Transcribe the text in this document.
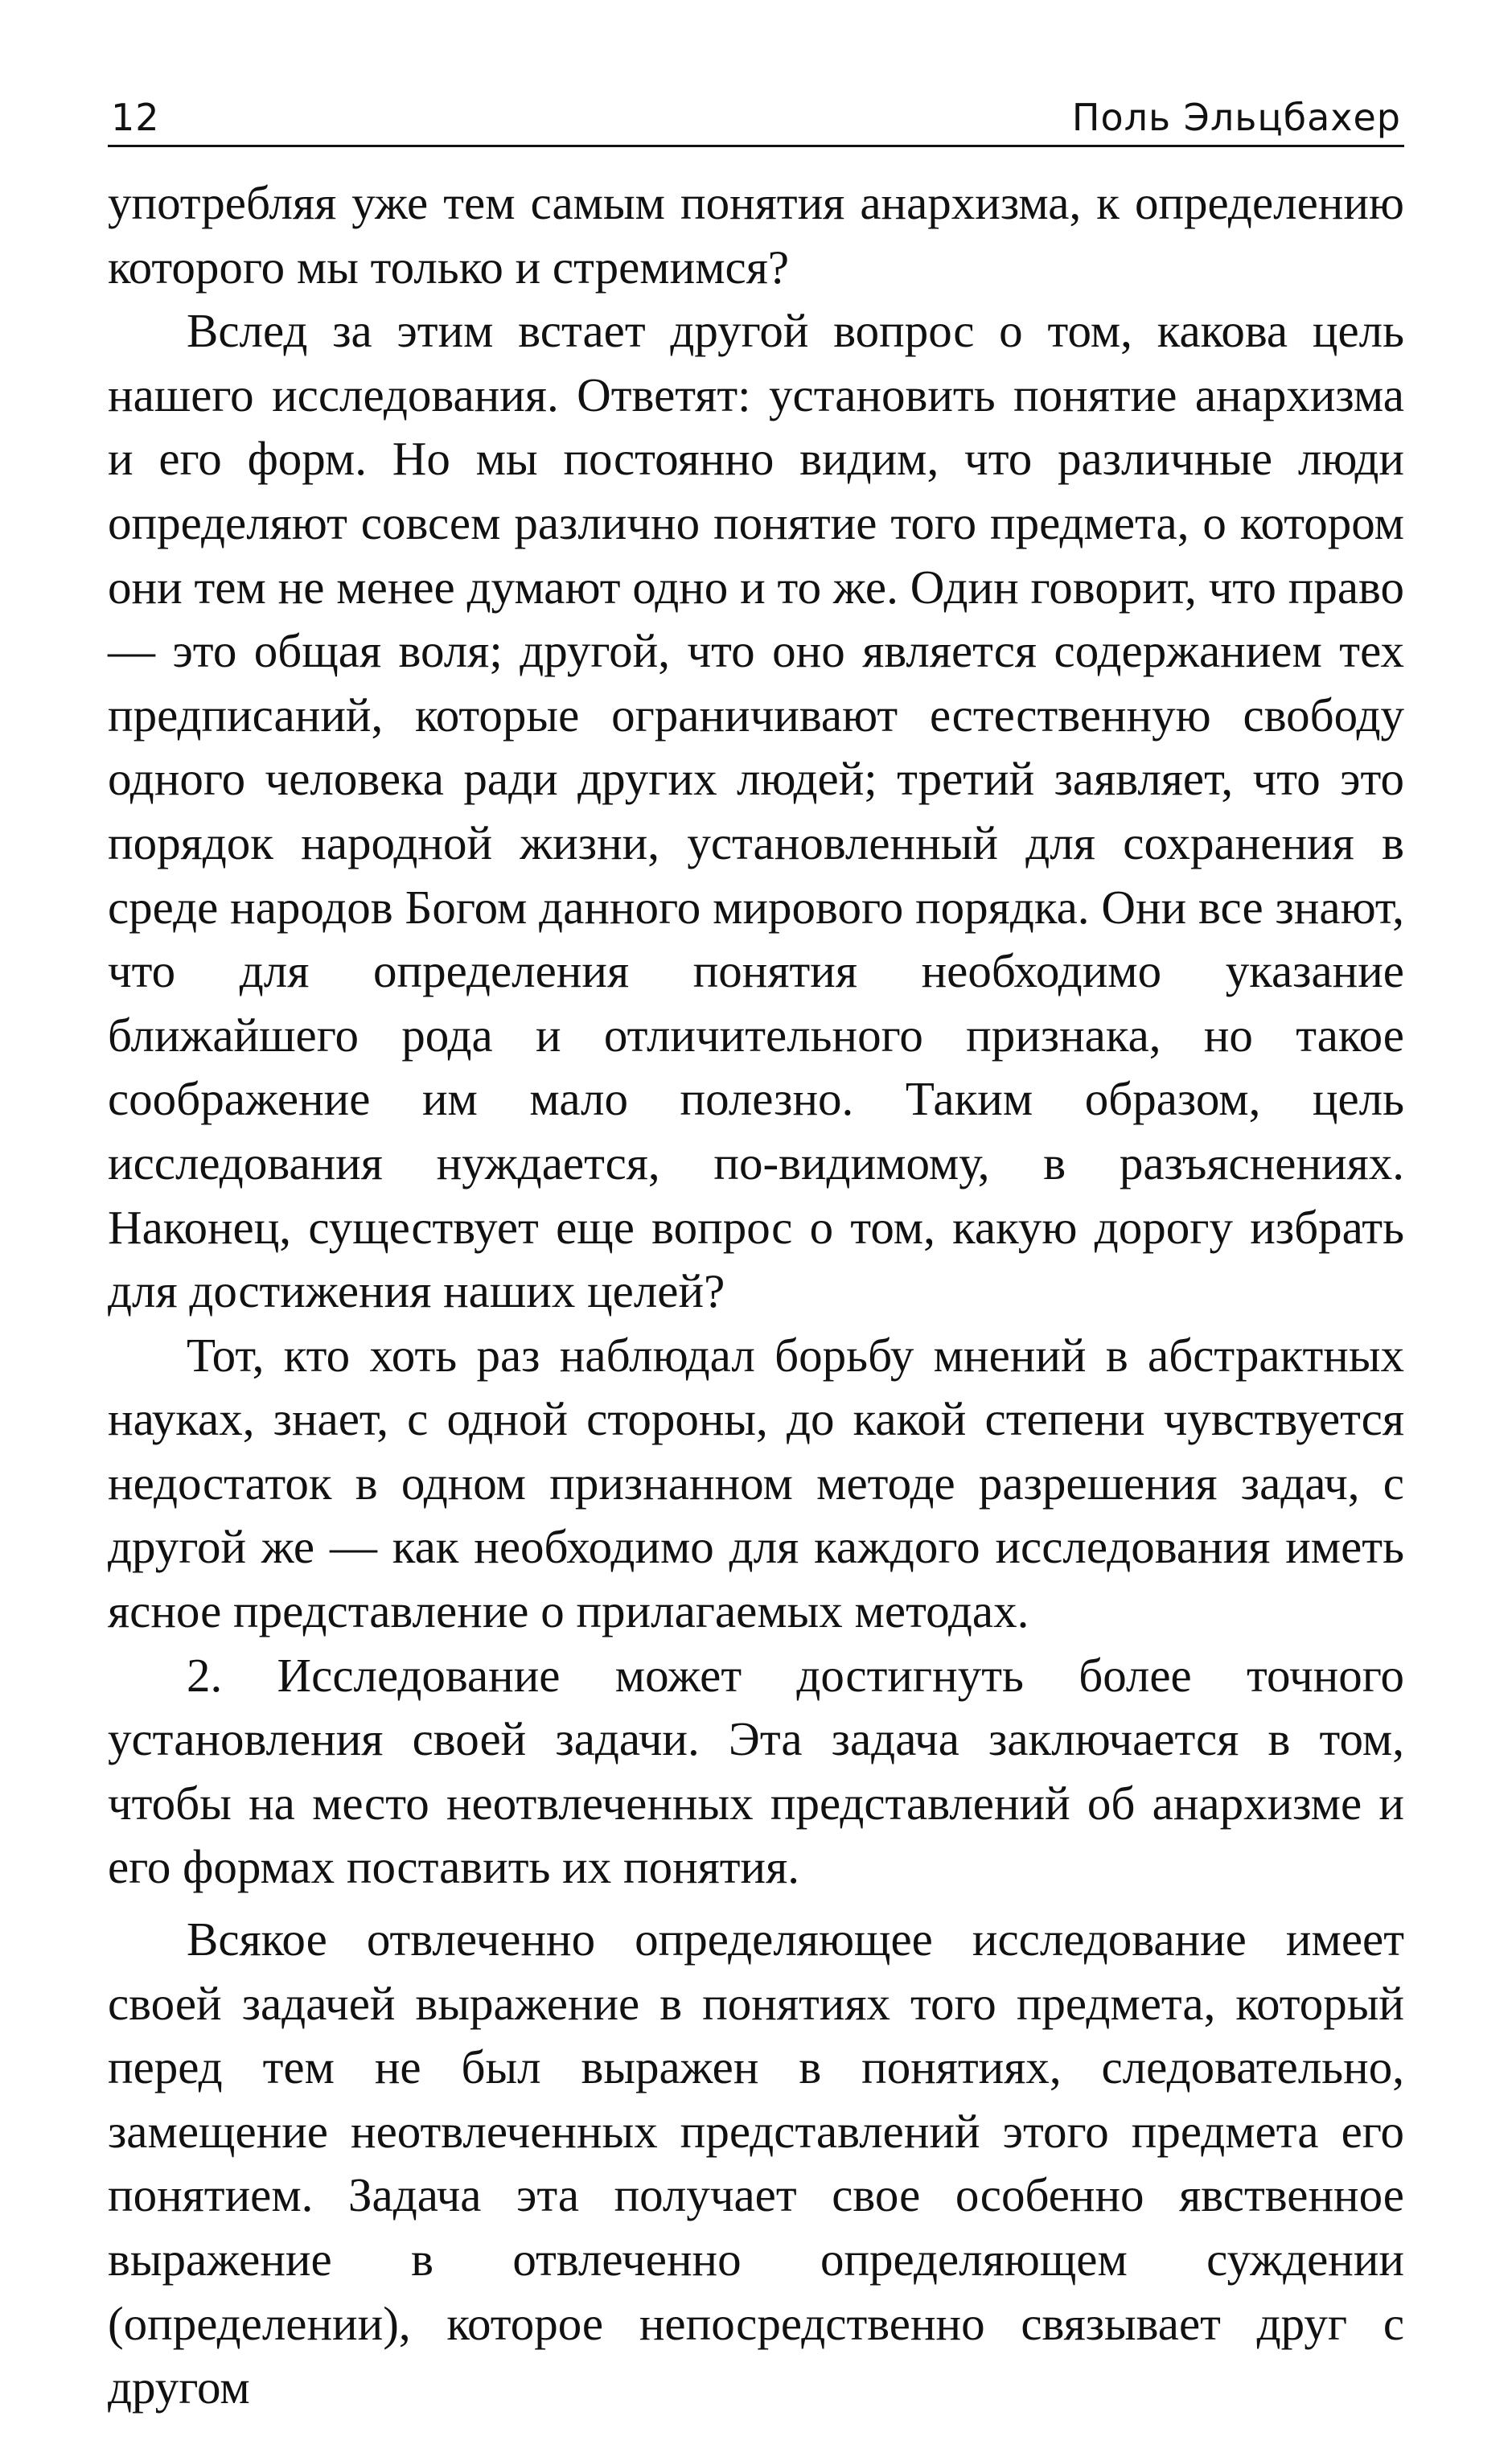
12	Поль Эльцбахер

употребляя уже тем самым понятия анархизма, к определению которого мы только и стремимся?

Вслед за этим встает другой вопрос о том, какова цель нашего исследования. Ответят: установить понятие анархизма и его форм. Но мы постоянно видим, что различные люди определяют совсем различно понятие того предмета, о котором они тем не менее думают одно и то же. Один говорит, что право — это общая воля; другой, что оно является содержанием тех предписаний, которые ограничивают естественную свободу одного человека ради других людей; третий заявляет, что это порядок народной жизни, установленный для сохранения в среде народов Богом данного мирового порядка. Они все знают, что для определения понятия необходимо указание ближайшего рода и отличительного признака, но такое соображение им мало полезно. Таким образом, цель исследования нуждается, по-видимому, в разъяснениях. Наконец, существует еще вопрос о том, какую дорогу избрать для достижения наших целей?

Тот, кто хоть раз наблюдал борьбу мнений в абстрактных науках, знает, с одной стороны, до какой степени чувствуется недостаток в одном признанном методе разрешения задач, с другой же — как необходимо для каждого исследования иметь ясное представление о прилагаемых методах.

2. Исследование может достигнуть более точного установления своей задачи. Эта задача заключается в том, чтобы на место неотвлеченных представлений об анархизме и его формах поставить их понятия.

Всякое отвлеченно определяющее исследование имеет своей задачей выражение в понятиях того предмета, который перед тем не был выражен в понятиях, следовательно, замещение неотвлеченных представлений этого предмета его понятием. Задача эта получает свое особенно явственное выражение в отвлеченно определяющем суждении (определении), которое непосредственно связывает друг с другом
